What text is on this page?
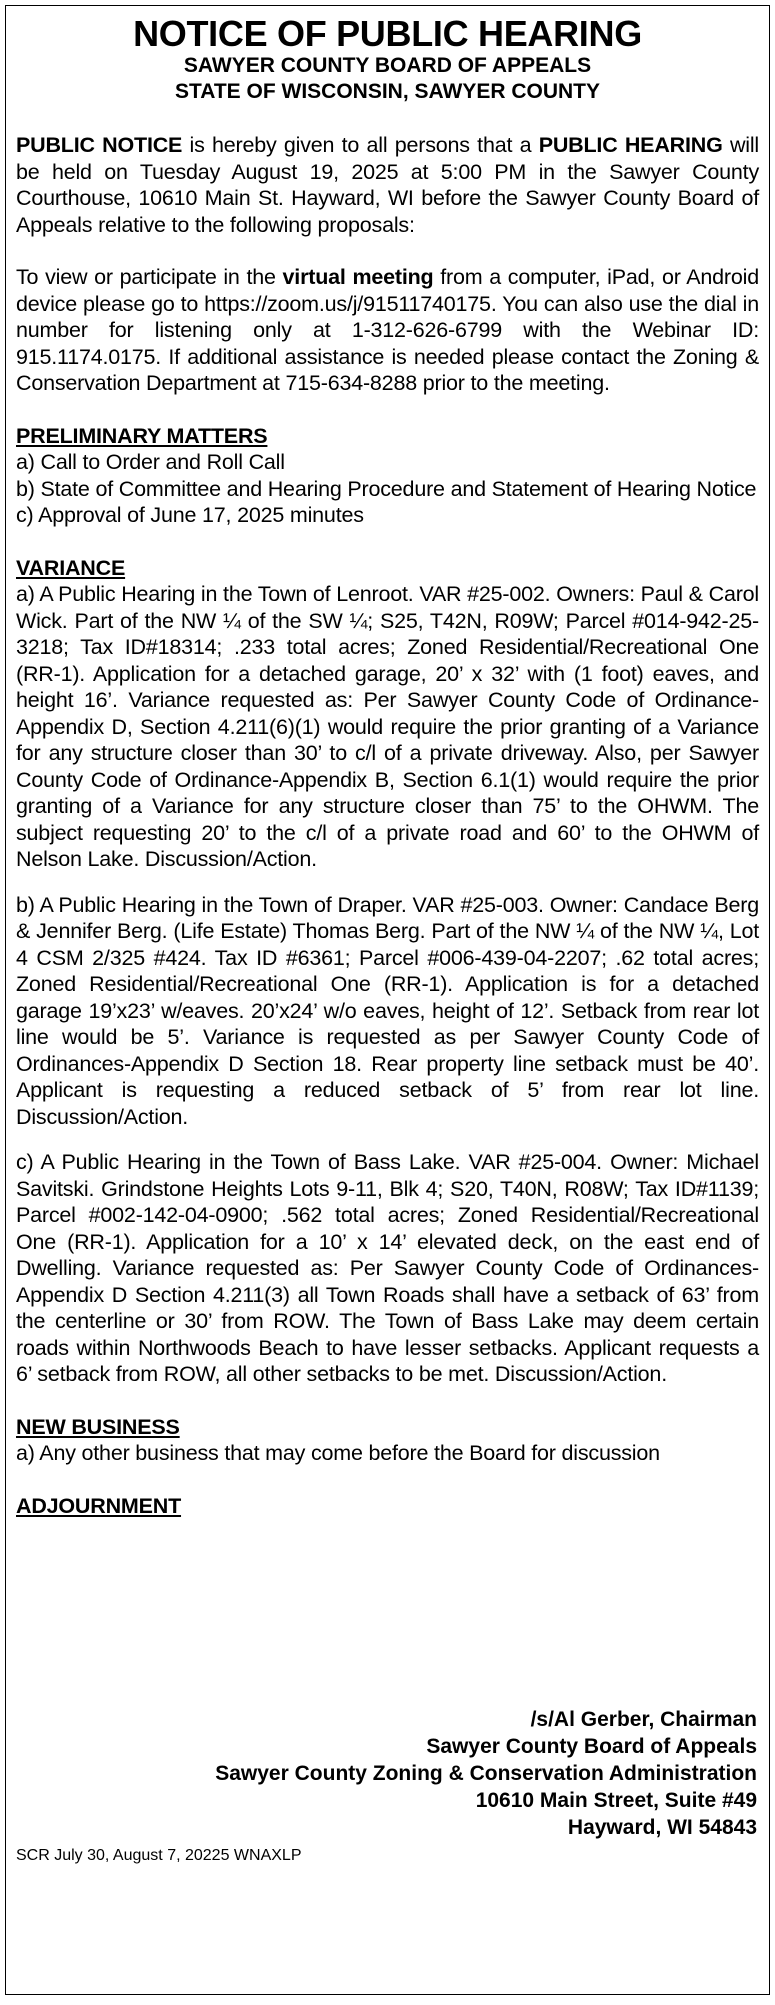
NOTICE OF PUBLIC HEARING
SAWYER COUNTY BOARD OF APPEALS
STATE OF WISCONSIN, SAWYER COUNTY

PUBLIC NOTICE is hereby given to all persons that a PUBLIC HEARING will be held on Tuesday August 19, 2025 at 5:00 PM in the Sawyer County Courthouse, 10610 Main St. Hayward, WI before the Sawyer County Board of Appeals relative to the following proposals:

To view or participate in the virtual meeting from a computer, iPad, or Android device please go to https://zoom.us/j/91511740175. You can also use the dial in number for listening only at 1-312-626-6799 with the Webinar ID: 915.1174.0175. If additional assistance is needed please contact the Zoning & Conservation Department at 715-634-8288 prior to the meeting.

PRELIMINARY MATTERS

a) Call to Order and Roll Call

b) State of Committee and Hearing Procedure and Statement of Hearing Notice

c) Approval of June 17, 2025 minutes

VARIANCE

a) A Public Hearing in the Town of Lenroot. VAR #25-002. Owners: Paul & Carol Wick. Part of the NW ¼ of the SW ¼; S25, T42N, R09W; Parcel #014-942-25-3218; Tax ID#18314; .233 total acres; Zoned Residential/Recreational One (RR-1). Application for a detached garage, 20’ x 32’ with (1 foot) eaves, and height 16’. Variance requested as: Per Sawyer County Code of Ordinance-Appendix D, Section 4.211(6)(1) would require the prior granting of a Variance for any structure closer than 30’ to c/l of a private driveway. Also, per Sawyer County Code of Ordinance-Appendix B, Section 6.1(1) would require the prior granting of a Variance for any structure closer than 75’ to the OHWM. The subject requesting 20’ to the c/l of a private road and 60’ to the OHWM of Nelson Lake. Discussion/Action.

b) A Public Hearing in the Town of Draper. VAR #25-003. Owner: Candace Berg & Jennifer Berg. (Life Estate) Thomas Berg. Part of the NW ¼ of the NW ¼, Lot 4 CSM 2/325 #424. Tax ID #6361; Parcel #006-439-04-2207; .62 total acres; Zoned Residential/Recreational One (RR-1). Application is for a detached garage 19’x23’ w/eaves. 20’x24’ w/o eaves, height of 12’. Setback from rear lot line would be 5’. Variance is requested as per Sawyer County Code of Ordinances-Appendix D Section 18. Rear property line setback must be 40’. Applicant is requesting a reduced setback of 5’ from rear lot line. Discussion/Action.

c) A Public Hearing in the Town of Bass Lake. VAR #25-004. Owner: Michael Savitski. Grindstone Heights Lots 9-11, Blk 4; S20, T40N, R08W; Tax ID#1139; Parcel #002-142-04-0900; .562 total acres; Zoned Residential/Recreational One (RR-1). Application for a 10’ x 14’ elevated deck, on the east end of Dwelling. Variance requested as: Per Sawyer County Code of Ordinances-Appendix D Section 4.211(3) all Town Roads shall have a setback of 63’ from the centerline or 30’ from ROW. The Town of Bass Lake may deem certain roads within Northwoods Beach to have lesser setbacks. Applicant requests a 6’ setback from ROW, all other setbacks to be met. Discussion/Action.

NEW BUSINESS

a) Any other business that may come before the Board for discussion

ADJOURNMENT
/s/Al Gerber, Chairman
Sawyer County Board of Appeals
Sawyer County Zoning & Conservation Administration
10610 Main Street, Suite #49
Hayward, WI 54843
SCR July 30, August 7, 20225 WNAXLP
